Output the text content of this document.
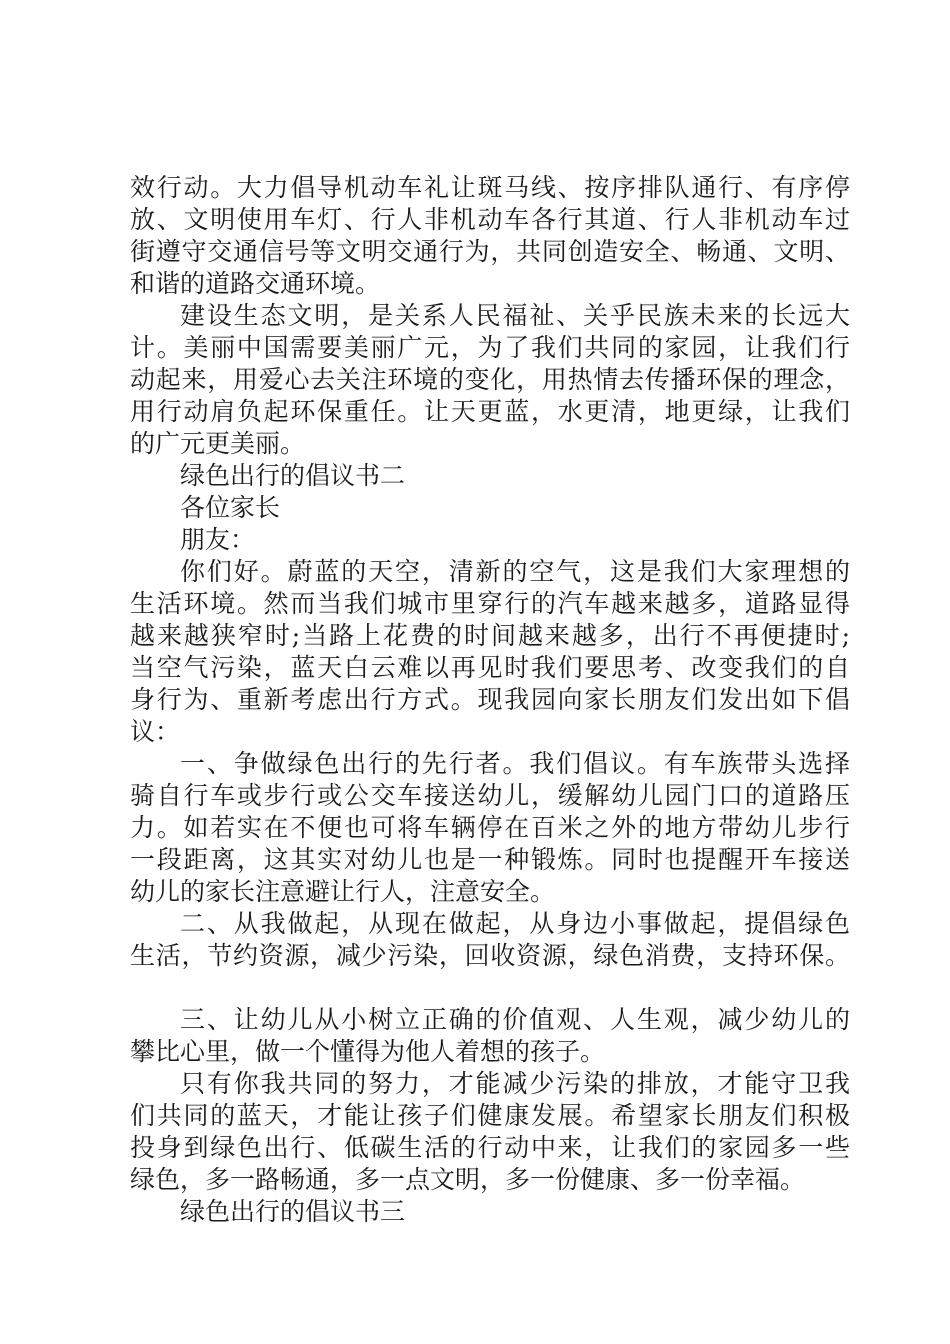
效行动。大力倡导机动车礼让斑马线、按序排队通行、有序停
放、文明使用车灯、行人非机动车各行其道、行人非机动车过
街遵守交通信号等文明交通行为，共同创造安全、畅通、文明、
和谐的道路交通环境。
建设生态文明，是关系人民福祉、关乎民族未来的长远大
计。美丽中国需要美丽广元，为了我们共同的家园，让我们行
动起来，用爱心去关注环境的变化，用热情去传播环保的理念，
用行动肩负起环保重任。让天更蓝，水更清，地更绿，让我们
的广元更美丽。
绿色出行的倡议书二
各位家长
朋友：
你们好。蔚蓝的天空，清新的空气，这是我们大家理想的
生活环境。然而当我们城市里穿行的汽车越来越多，道路显得
越来越狭窄时;当路上花费的时间越来越多，出行不再便捷时;
当空气污染，蓝天白云难以再见时我们要思考、改变我们的自
身行为、重新考虑出行方式。现我园向家长朋友们发出如下倡
议：
一、争做绿色出行的先行者。我们倡议。有车族带头选择
骑自行车或步行或公交车接送幼儿，缓解幼儿园门口的道路压
力。如若实在不便也可将车辆停在百米之外的地方带幼儿步行
一段距离，这其实对幼儿也是一种锻炼。同时也提醒开车接送
幼儿的家长注意避让行人，注意安全。
二、从我做起，从现在做起，从身边小事做起，提倡绿色
生活，节约资源，减少污染，回收资源，绿色消费，支持环保。
三、让幼儿从小树立正确的价值观、人生观，减少幼儿的
攀比心里，做一个懂得为他人着想的孩子。
只有你我共同的努力，才能减少污染的排放，才能守卫我
们共同的蓝天，才能让孩子们健康发展。希望家长朋友们积极
投身到绿色出行、低碳生活的行动中来，让我们的家园多一些
绿色，多一路畅通，多一点文明，多一份健康、多一份幸福。
绿色出行的倡议书三
